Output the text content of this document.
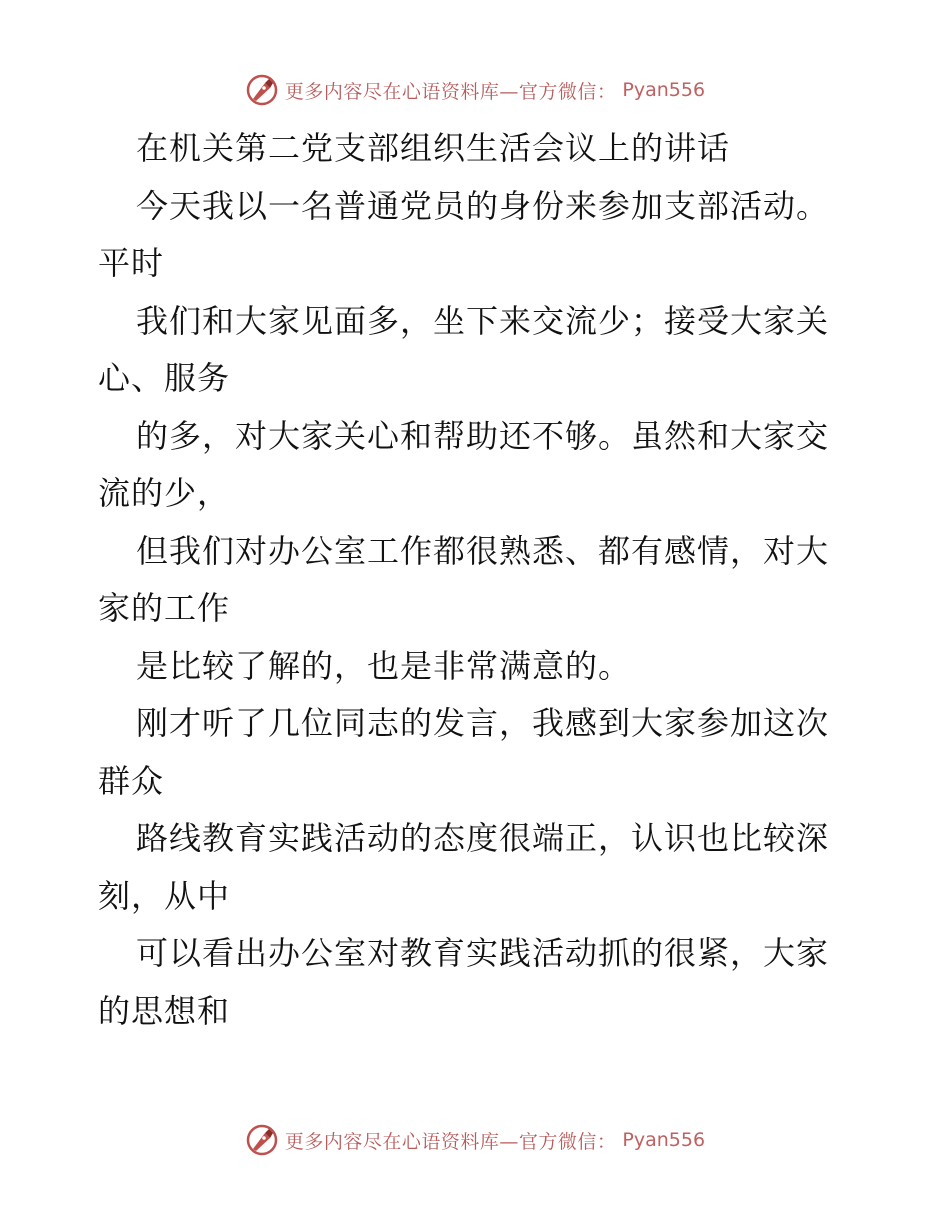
更多内容尽在心语资料库—官方微信： Pyan556
在机关第二党支部组织生活会议上的讲话
今天我以一名普通党员的身份来参加支部活动。
平时
我们和大家见面多，坐下来交流少；接受大家关
心、服务
的多，对大家关心和帮助还不够。虽然和大家交
流的少，
但我们对办公室工作都很熟悉、都有感情，对大
家的工作
是比较了解的，也是非常满意的。
刚才听了几位同志的发言，我感到大家参加这次
群众
路线教育实践活动的态度很端正，认识也比较深
刻，从中
可以看出办公室对教育实践活动抓的很紧，大家
的思想和
更多内容尽在心语资料库—官方微信： Pyan556
